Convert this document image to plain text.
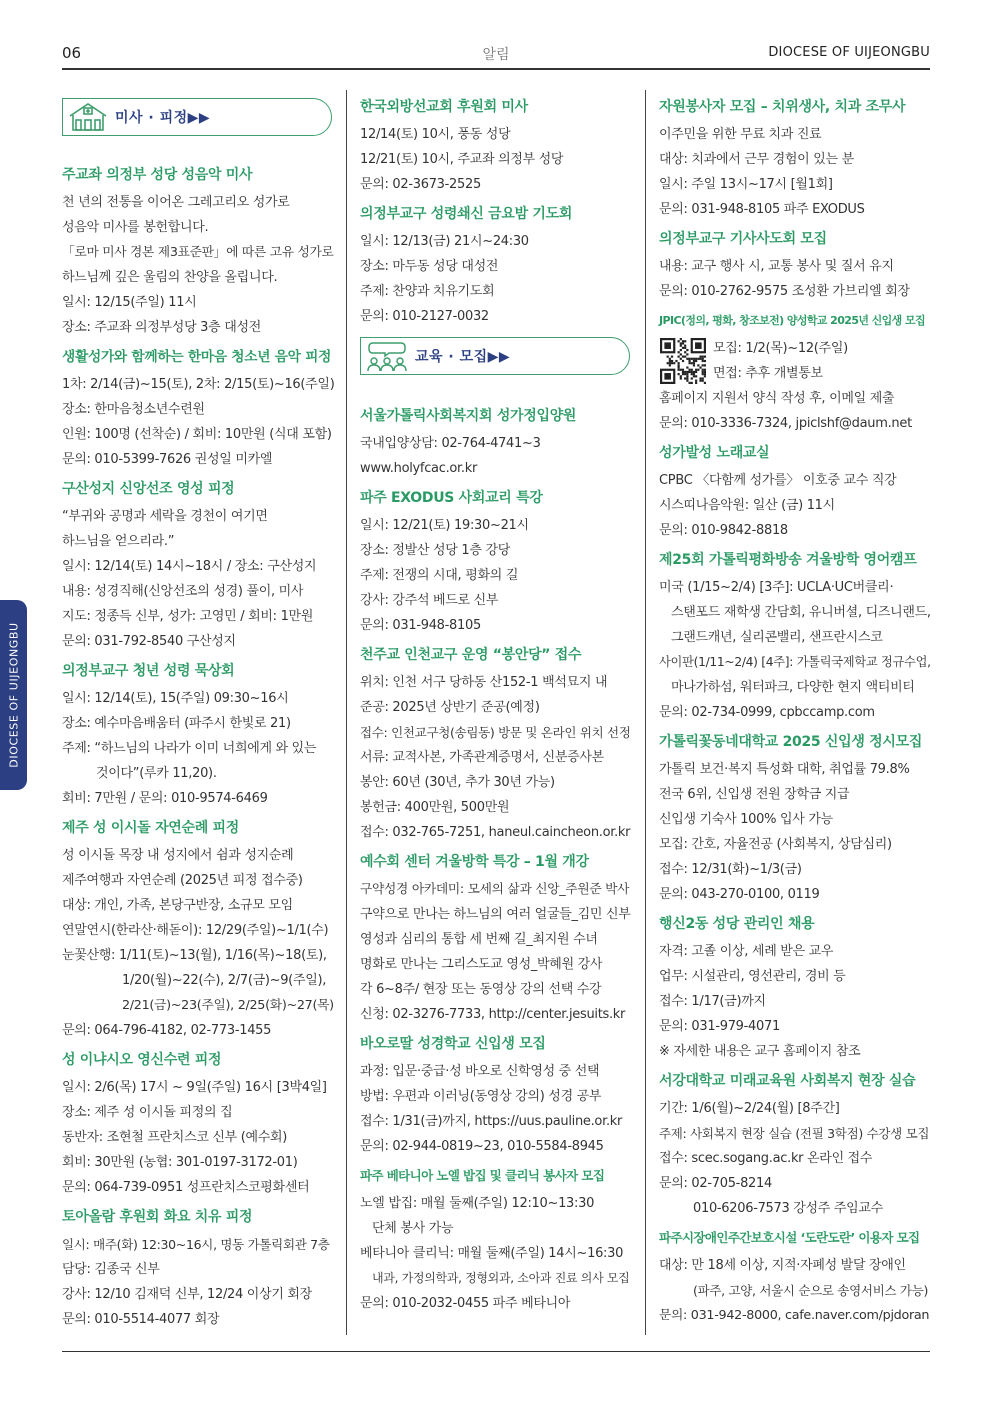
06	알림	DIOCESE OF UIJEONGBU
DIOCESE OF UIJEONGBU
미사 · 피정▶▶
주교좌 의정부 성당 성음악 미사
천 년의 전통을 이어온 그레고리오 성가로
성음악 미사를 봉헌합니다.
「로마 미사 경본 제3표준판」에 따른 고유 성가로
하느님께 깊은 울림의 찬양을 올립니다.
일시: 12/15(주일) 11시
장소: 주교좌 의정부성당 3층 대성전
생활성가와 함께하는 한마음 청소년 음악 피정
1차: 2/14(금)~15(토), 2차: 2/15(토)~16(주일)
장소: 한마음청소년수련원
인원: 100명 (선착순) / 회비: 10만원 (식대 포함)
문의: 010-5399-7626 권성일 미카엘
구산성지 신앙선조 영성 피정
“부귀와 공명과 세락을 경천이 여기면
하느님을 얻으리라.”
일시: 12/14(토) 14시~18시 / 장소: 구산성지
내용: 성경직해(신앙선조의 성경) 풀이, 미사
지도: 정종득 신부, 성가: 고영민 / 회비: 1만원
문의: 031-792-8540 구산성지
의정부교구 청년 성령 묵상회
일시: 12/14(토), 15(주일) 09:30~16시
장소: 예수마음배움터 (파주시 한빛로 21)
주제: “하느님의 나라가 이미 너희에게 와 있는
것이다”(루카 11,20).
회비: 7만원 / 문의: 010-9574-6469
제주 성 이시돌 자연순례 피정
성 이시돌 목장 내 성지에서 쉼과 성지순례
제주여행과 자연순례 (2025년 피정 접수중)
대상: 개인, 가족, 본당구반장, 소규모 모임
연말연시(한라산·해돋이): 12/29(주일)~1/1(수)
눈꽃산행: 1/11(토)~13(월), 1/16(목)~18(토),
1/20(월)~22(수), 2/7(금)~9(주일),
2/21(금)~23(주일), 2/25(화)~27(목)
문의: 064-796-4182, 02-773-1455
성 이냐시오 영신수련 피정
일시: 2/6(목) 17시 ~ 9일(주일) 16시 [3박4일]
장소: 제주 성 이시돌 피정의 집
동반자: 조현철 프란치스코 신부 (예수회)
회비: 30만원 (농협: 301-0197-3172-01)
문의: 064-739-0951 성프란치스코평화센터
토아올람 후원회 화요 치유 피정
일시: 매주(화) 12:30~16시, 명동 가톨릭회관 7층
담당: 김종국 신부
강사: 12/10 김재덕 신부, 12/24 이상기 회장
문의: 010-5514-4077 회장
한국외방선교회 후원회 미사
12/14(토) 10시, 풍동 성당
12/21(토) 10시, 주교좌 의정부 성당
문의: 02-3673-2525
의정부교구 성령쇄신 금요밤 기도회
일시: 12/13(금) 21시~24:30
장소: 마두동 성당 대성전
주제: 찬양과 치유기도회
문의: 010-2127-0032
교육 · 모집▶▶
서울가톨릭사회복지회 성가정입양원
국내입양상담: 02-764-4741~3
www.holyfcac.or.kr
파주 EXODUS 사회교리 특강
일시: 12/21(토) 19:30~21시
장소: 정발산 성당 1층 강당
주제: 전쟁의 시대, 평화의 길
강사: 강주석 베드로 신부
문의: 031-948-8105
천주교 인천교구 운영 “봉안당” 접수
위치: 인천 서구 당하동 산152-1 백석묘지 내
준공: 2025년 상반기 준공(예정)
접수: 인천교구청(송림동) 방문 및 온라인 위치 선정
서류: 교적사본, 가족관계증명서, 신분증사본
봉안: 60년 (30년, 추가 30년 가능)
봉헌금: 400만원, 500만원
접수: 032-765-7251, haneul.caincheon.or.kr
예수회 센터 겨울방학 특강 – 1월 개강
구약성경 아카데미: 모세의 삶과 신앙_주원준 박사
구약으로 만나는 하느님의 여러 얼굴들_김민 신부
영성과 심리의 통합 세 번째 길_최지원 수녀
명화로 만나는 그리스도교 영성_박혜원 강사
각 6~8주/ 현장 또는 동영상 강의 선택 수강
신청: 02-3276-7733, http://center.jesuits.kr
바오로딸 성경학교 신입생 모집
과정: 입문·중급·성 바오로 신학영성 중 선택
방법: 우편과 이러닝(동영상 강의) 성경 공부
접수: 1/31(금)까지, https://uus.pauline.or.kr
문의: 02-944-0819~23, 010-5584-8945
파주 베타니아 노엘 밥집 및 클리닉 봉사자 모집
노엘 밥집: 매월 둘째(주일) 12:10~13:30
단체 봉사 가능
베타니아 클리닉: 매월 둘째(주일) 14시~16:30
내과, 가정의학과, 정형외과, 소아과 진료 의사 모집
문의: 010-2032-0455 파주 베타니아
자원봉사자 모집 – 치위생사, 치과 조무사
이주민을 위한 무료 치과 진료
대상: 치과에서 근무 경험이 있는 분
일시: 주일 13시~17시 [월1회]
문의: 031-948-8105 파주 EXODUS
의정부교구 기사사도회 모집
내용: 교구 행사 시, 교통 봉사 및 질서 유지
문의: 010-2762-9575 조성환 가브리엘 회장
JPIC(정의, 평화, 창조보전) 양성학교 2025년 신입생 모집
모집: 1/2(목)~12(주일)
면접: 추후 개별통보
홈페이지 지원서 양식 작성 후, 이메일 제출
문의: 010-3336-7324, jpiclshf@daum.net
성가발성 노래교실
CPBC 〈다함께 성가를〉 이호중 교수 직강
시스띠나음악원: 일산 (금) 11시
문의: 010-9842-8818
제25회 가톨릭평화방송 겨울방학 영어캠프
미국 (1/15~2/4) [3주]: UCLA·UC버클리·
스탠포드 재학생 간담회, 유니버셜, 디즈니랜드,
그랜드캐년, 실리콘밸리, 샌프란시스코
사이판(1/11~2/4) [4주]: 가톨릭국제학교 정규수업,
마나가하섬, 워터파크, 다양한 현지 액티비티
문의: 02-734-0999, cpbccamp.com
가톨릭꽃동네대학교 2025 신입생 정시모집
가톨릭 보건·복지 특성화 대학, 취업률 79.8%
전국 6위, 신입생 전원 장학금 지급
신입생 기숙사 100% 입사 가능
모집: 간호, 자율전공 (사회복지, 상담심리)
접수: 12/31(화)~1/3(금)
문의: 043-270-0100, 0119
행신2동 성당 관리인 채용
자격: 고졸 이상, 세례 받은 교우
업무: 시설관리, 영선관리, 경비 등
접수: 1/17(금)까지
문의: 031-979-4071
※ 자세한 내용은 교구 홈페이지 참조
서강대학교 미래교육원 사회복지 현장 실습
기간: 1/6(월)~2/24(월) [8주간]
주제: 사회복지 현장 실습 (전필 3학점) 수강생 모집
접수: scec.sogang.ac.kr 온라인 접수
문의: 02-705-8214
010-6206-7573 강성주 주임교수
파주시장애인주간보호시설 ‘도란도란’ 이용자 모집
대상: 만 18세 이상, 지적·자폐성 발달 장애인
(파주, 고양, 서울시 순으로 송영서비스 가능)
문의: 031-942-8000, cafe.naver.com/pjdoran
